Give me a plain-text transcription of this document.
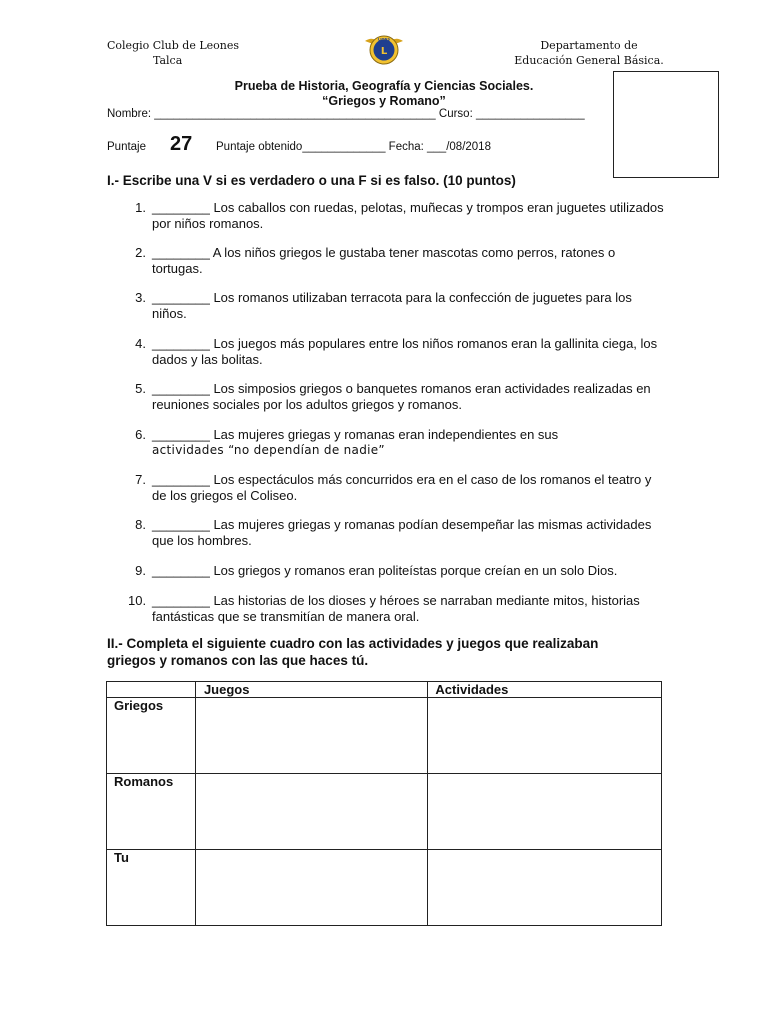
Colegio Club de Leones
Talca
L
LIONS	Departamento de
Educación General Básica.
Prueba de Historia, Geografía y Ciencias Sociales.
“Griegos y Romano”
Nombre: ____________________________________________ Curso: _________________
Puntaje 27 Puntaje obtenido_____________ Fecha: ___/08/2018
I.- Escribe una V si es verdadero o una F si es falso. (10 puntos)
1. ________ Los caballos con ruedas, pelotas, muñecas y trompos eran juguetes utilizados por niños romanos.
2. ________ A los niños griegos le gustaba tener mascotas como perros, ratones o tortugas.
3. ________ Los romanos utilizaban terracota para la confección de juguetes para los niños.
4. ________ Los juegos más populares entre los niños romanos eran la gallinita ciega, los dados y las bolitas.
5. ________ Los simposios griegos o banquetes romanos eran actividades realizadas en reuniones sociales por los adultos griegos y romanos.
6. ________ Las mujeres griegas y romanas eran independientes en sus
actividades “no dependían de nadie”
7. ________ Los espectáculos más concurridos era en el caso de los romanos el teatro y de los griegos el Coliseo.
8. ________ Las mujeres griegas y romanas podían desempeñar las mismas actividades que los hombres.
9. ________ Los griegos y romanos eran politeístas porque creían en un solo Dios.
10. ________ Las historias de los dioses y héroes se narraban mediante mitos, historias fantásticas que se transmitían de manera oral.
II.- Completa el siguiente cuadro con las actividades y juegos que realizaban
griegos y romanos con las que haces tú.
	Juegos	Actividades
Griegos		
Romanos		
Tu		
